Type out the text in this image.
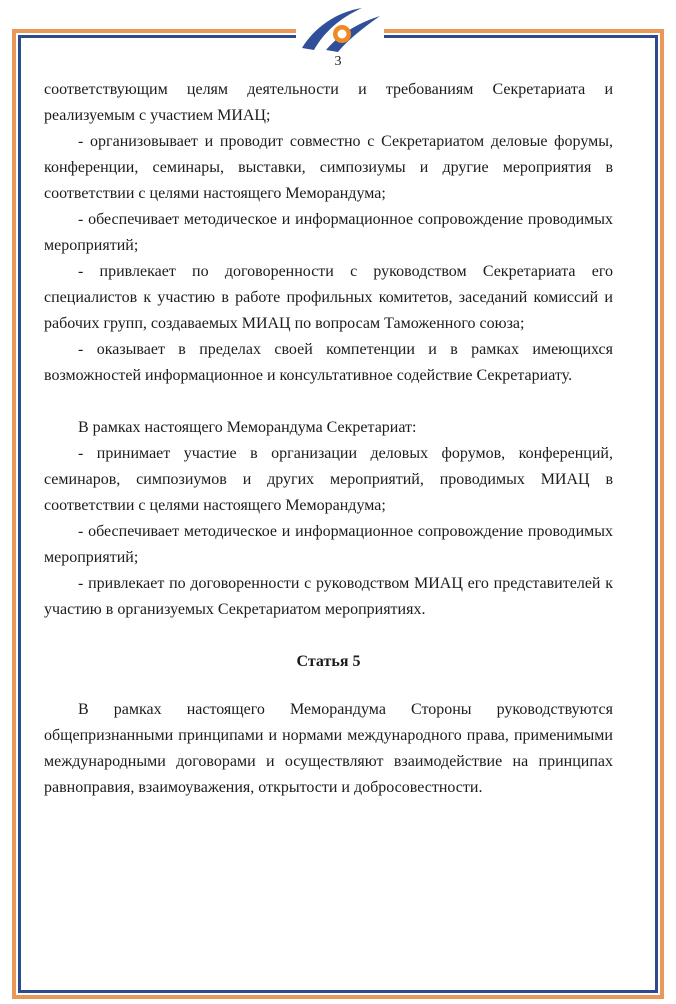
3

соответствующим целям деятельности и требованиям Секретариата и реализуемым с участием МИАЦ;

- организовывает и проводит совместно с Секретариатом деловые форумы, конференции, семинары, выставки, симпозиумы и другие мероприятия в соответствии с целями настоящего Меморандума;

- обеспечивает методическое и информационное сопровождение проводимых мероприятий;

- привлекает по договоренности с руководством Секретариата его специалистов к участию в работе профильных комитетов, заседаний комиссий и рабочих групп, создаваемых МИАЦ по вопросам Таможенного союза;

- оказывает в пределах своей компетенции и в рамках имеющихся возможностей информационное и консультативное содействие Секретариату.

В рамках настоящего Меморандума Секретариат:

- принимает участие в организации деловых форумов, конференций, семинаров, симпозиумов и других мероприятий, проводимых МИАЦ в соответствии с целями настоящего Меморандума;

- обеспечивает методическое и информационное сопровождение проводимых мероприятий;

- привлекает по договоренности с руководством МИАЦ его представителей к участию в организуемых Секретариатом мероприятиях.

Статья 5

В рамках настоящего Меморандума Стороны руководствуются общепризнанными принципами и нормами международного права, применимыми международными договорами и осуществляют взаимодействие на принципах равноправия, взаимоуважения, открытости и добросовестности.
